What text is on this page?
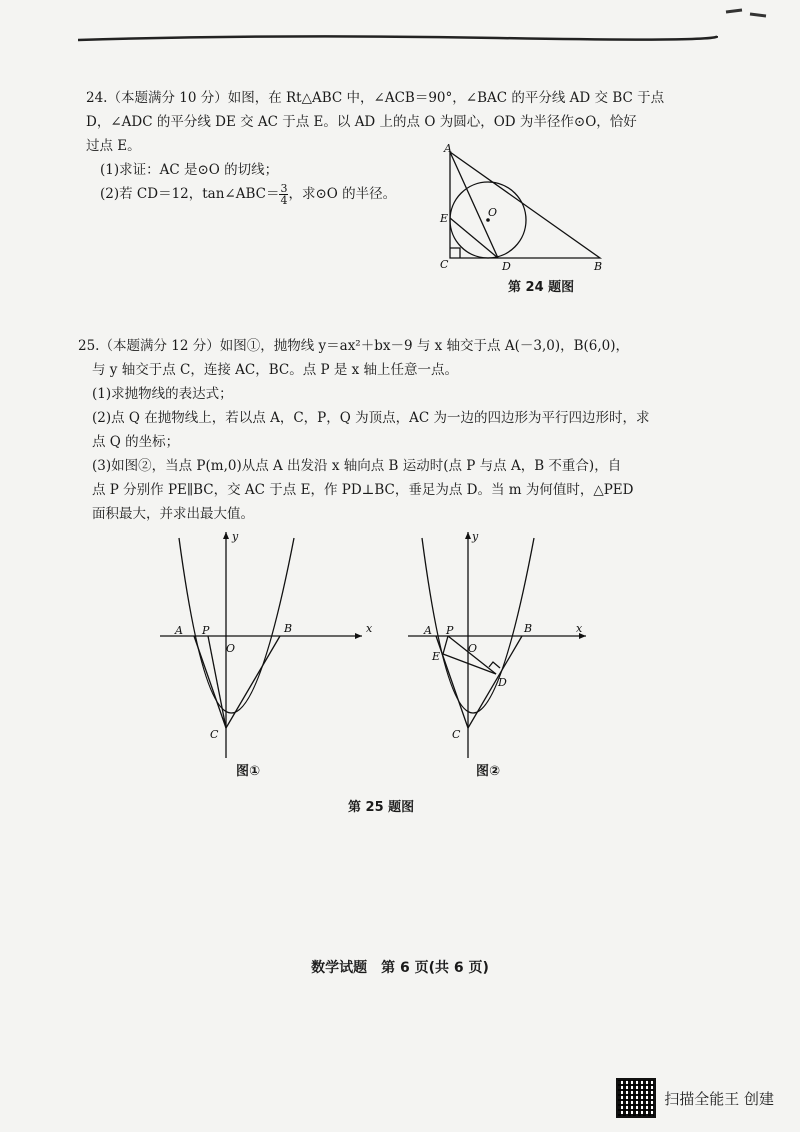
24.（本题满分 10 分）如图，在 Rt△ABC 中，∠ACB＝90°，∠BAC 的平分线 AD 交 BC 于点

D，∠ADC 的平分线 DE 交 AC 于点 E。以 AD 上的点 O 为圆心，OD 为半径作⊙O，恰好

过点 E。

(1)求证：AC 是⊙O 的切线；

(2)若 CD＝12，tan∠ABC＝ $\frac{3}{4}$ ，求⊙O 的半径。

A
B
C	D
E	O
第 24 题图

25.（本题满分 12 分）如图①，抛物线 y＝ax²＋bx－9 与 x 轴交于点 A(－3,0)，B(6,0)，

与 y 轴交于点 C，连接 AC，BC。点 P 是 x 轴上任意一点。

(1)求抛物线的表达式；

(2)点 Q 在抛物线上，若以点 A，C，P，Q 为顶点，AC 为一边的四边形为平行四边形时，求

点 Q 的坐标；

(3)如图②，当点 P(m,0)从点 A 出发沿 x 轴向点 B 运动时(点 P 与点 A，B 不重合)，自

点 P 分别作 PE∥BC，交 AC 于点 E，作 PD⊥BC，垂足为点 D。当 m 为何值时，△PED

面积最大，并求出最大值。

x
y
A P
O
B
C
图①
x
y
A P
O
B
E
D
C
图②
第 25 题图
数学试题　第 6 页(共 6 页)
扫描全能王 创建
